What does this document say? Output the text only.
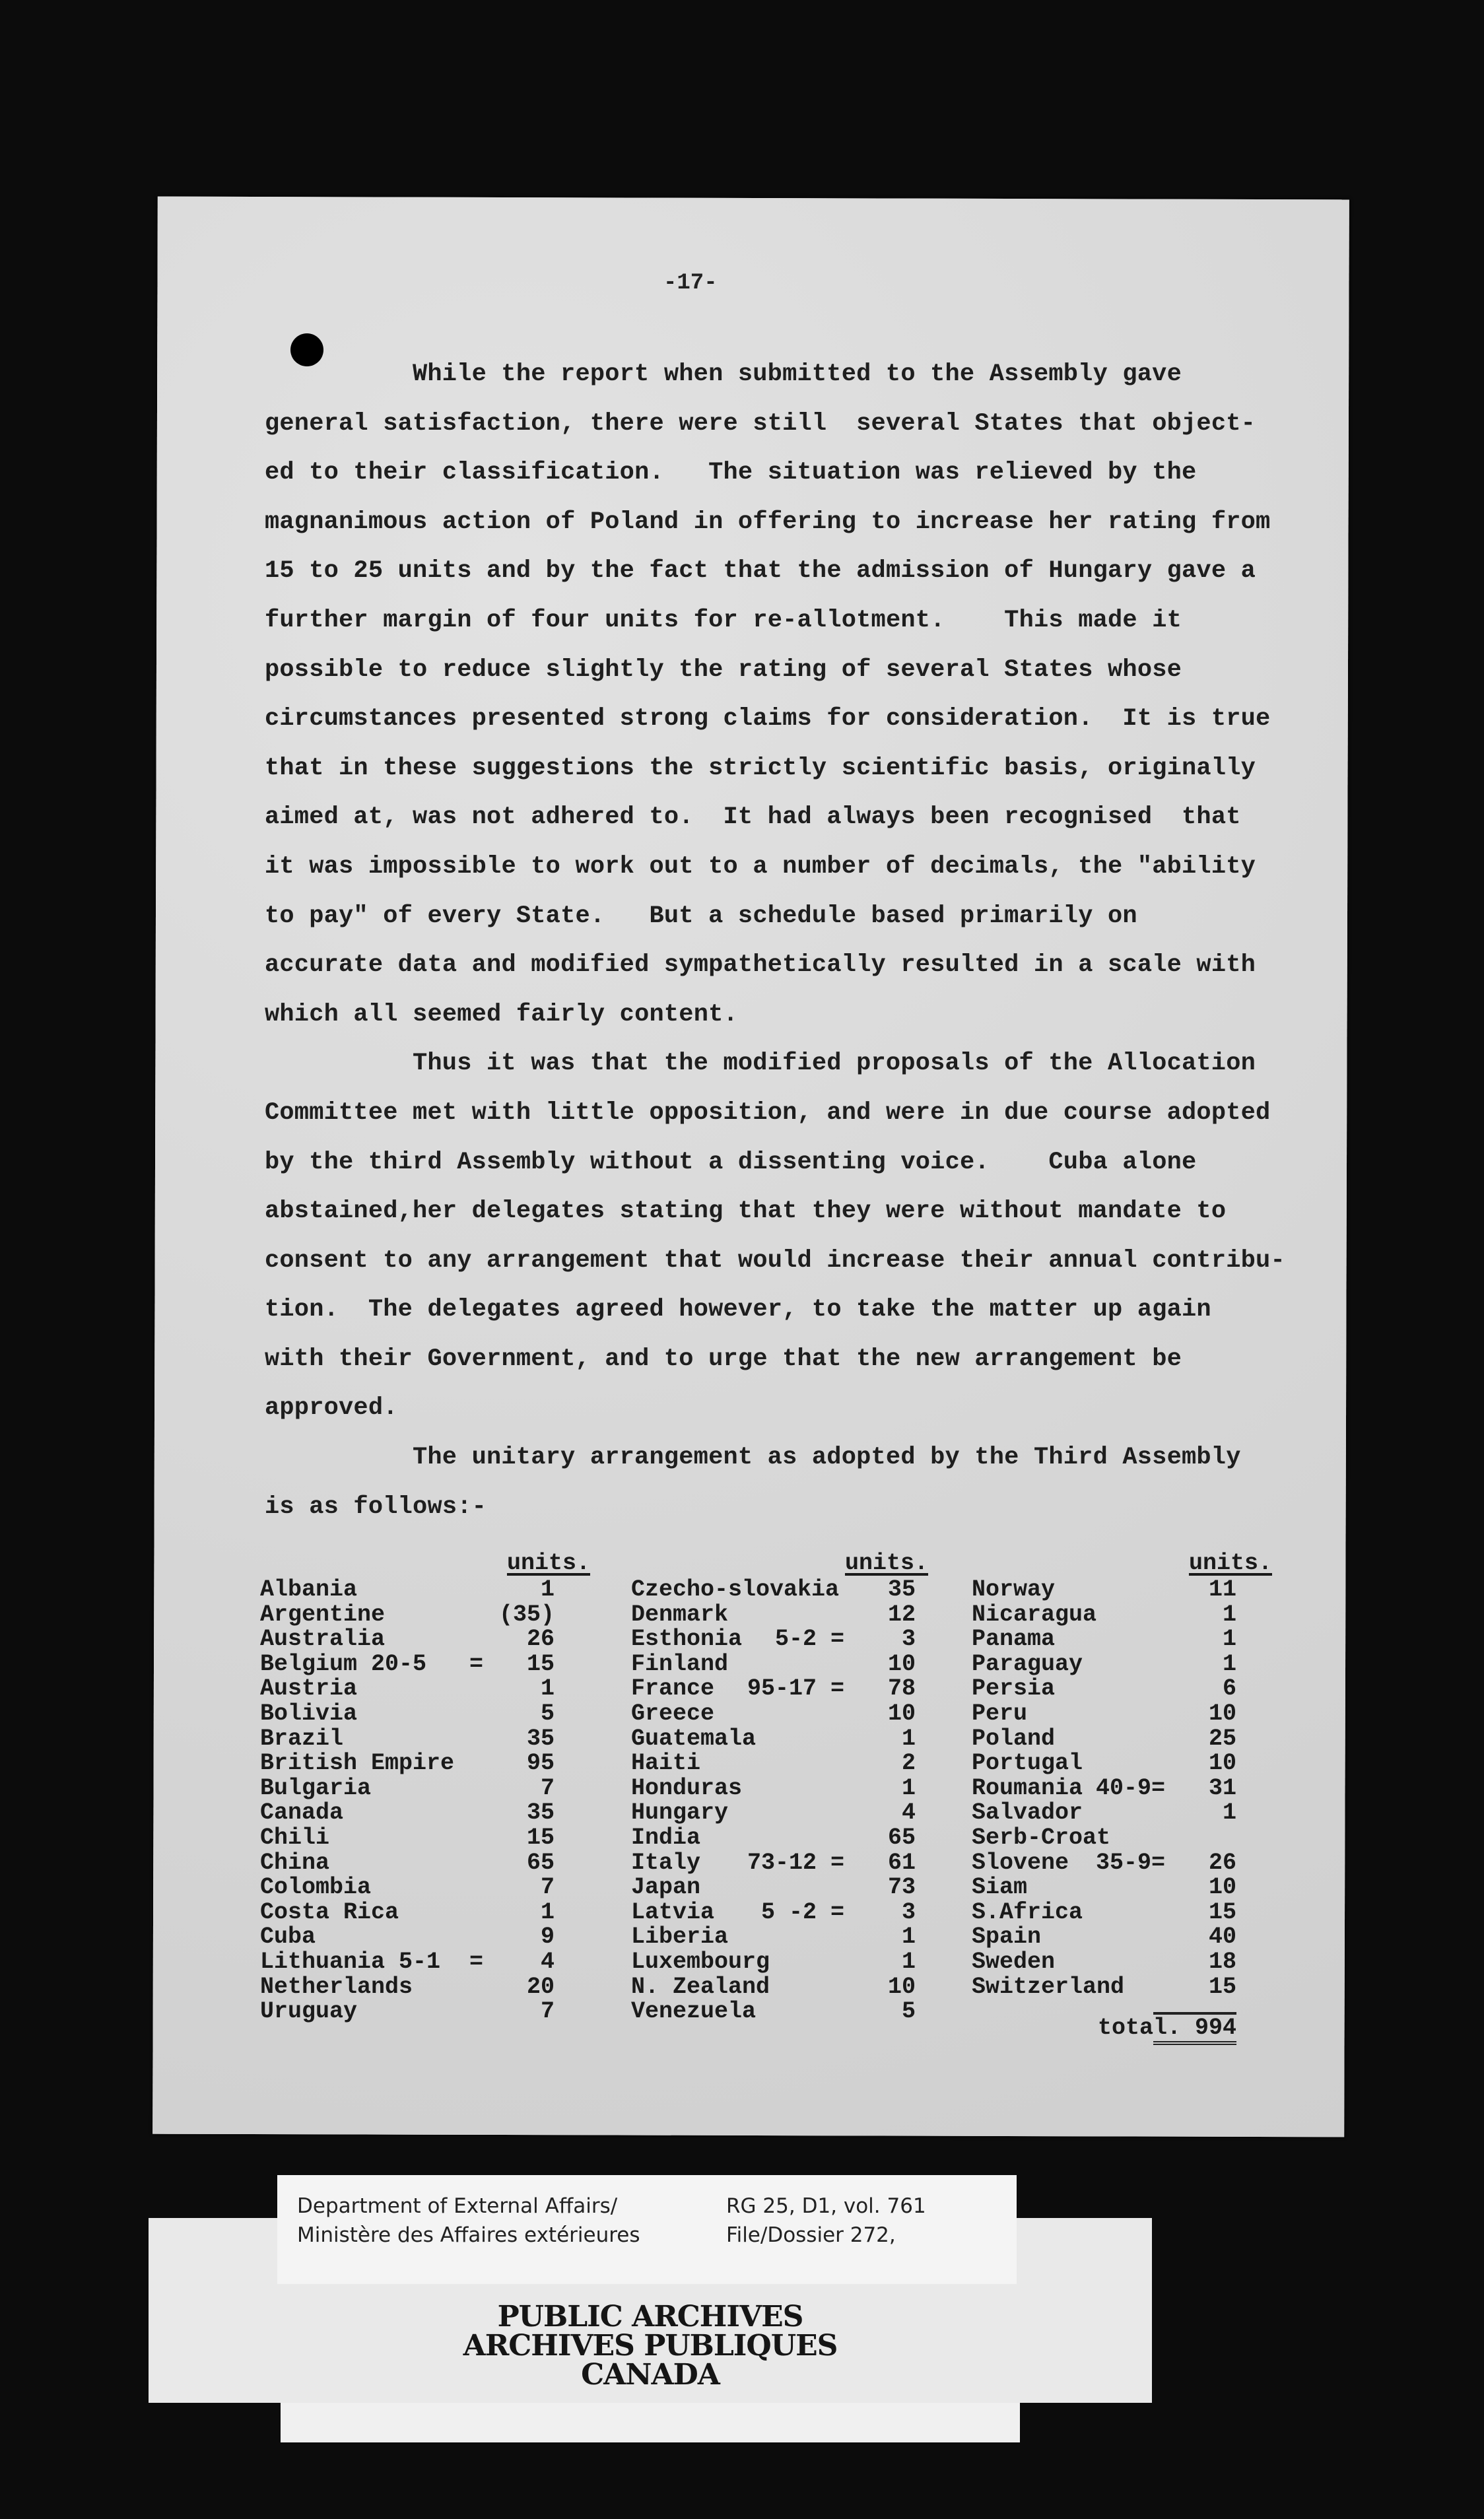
-17-
While the report when submitted to the Assembly gave
general satisfaction, there were still  several States that object-
ed to their classification.   The situation was relieved by the
magnanimous action of Poland in offering to increase her rating from
15 to 25 units and by the fact that the admission of Hungary gave a
further margin of four units for re-allotment.    This made it
possible to reduce slightly the rating of several States whose
circumstances presented strong claims for consideration.  It is true
that in these suggestions the strictly scientific basis, originally
aimed at, was not adhered to.  It had always been recognised  that
it was impossible to work out to a number of decimals, the "ability
to pay" of every State.   But a schedule based primarily on
accurate data and modified sympathetically resulted in a scale with
which all seemed fairly content.
Thus it was that the modified proposals of the Allocation
Committee met with little opposition, and were in due course adopted
by the third Assembly without a dissenting voice.    Cuba alone
abstained,her delegates stating that they were without mandate to
consent to any arrangement that would increase their annual contribu-
tion.  The delegates agreed however, to take the matter up again
with their Government, and to urge that the new arrangement be
approved.
The unitary arrangement as adopted by the Third Assembly
is as follows:-
units.
Albania	1
Argentine	(35)
Australia	26
Belgium 20-5	=	15
Austria	1
Bolivia	5
Brazil	35
British Empire	95
Bulgaria	7
Canada	35
Chili	15
China	65
Colombia	7
Costa Rica	1
Cuba	9
Lithuania 5-1	=	4
Netherlands	20
Uruguay	7
units.
Czecho-slovakia	35
Denmark	12
Esthonia	5-2 =	3
Finland	10
France	95-17 =	78
Greece	10
Guatemala	1
Haiti	2
Honduras	1
Hungary	4
India	65
Italy	73-12 =	61
Japan	73
Latvia	5 -2 =	3
Liberia	1
Luxembourg	1
N. Zealand	10
Venezuela	5
units.
Norway	11
Nicaragua	1
Panama	1
Paraguay	1
Persia	6
Peru	10
Poland	25
Portugal	10
Roumania 40-9=	31
Salvador	1
Serb-Croat
Slovene	35-9=	26
Siam	10
S.Africa	15
Spain	40
Sweden	18
Switzerland	15
total. 994
PUBLIC ARCHIVES
ARCHIVES PUBLIQUES
CANADA
Department of External Affairs/
Ministère des Affaires extérieures
RG 25, D1, vol. 761
File/Dossier 272,
